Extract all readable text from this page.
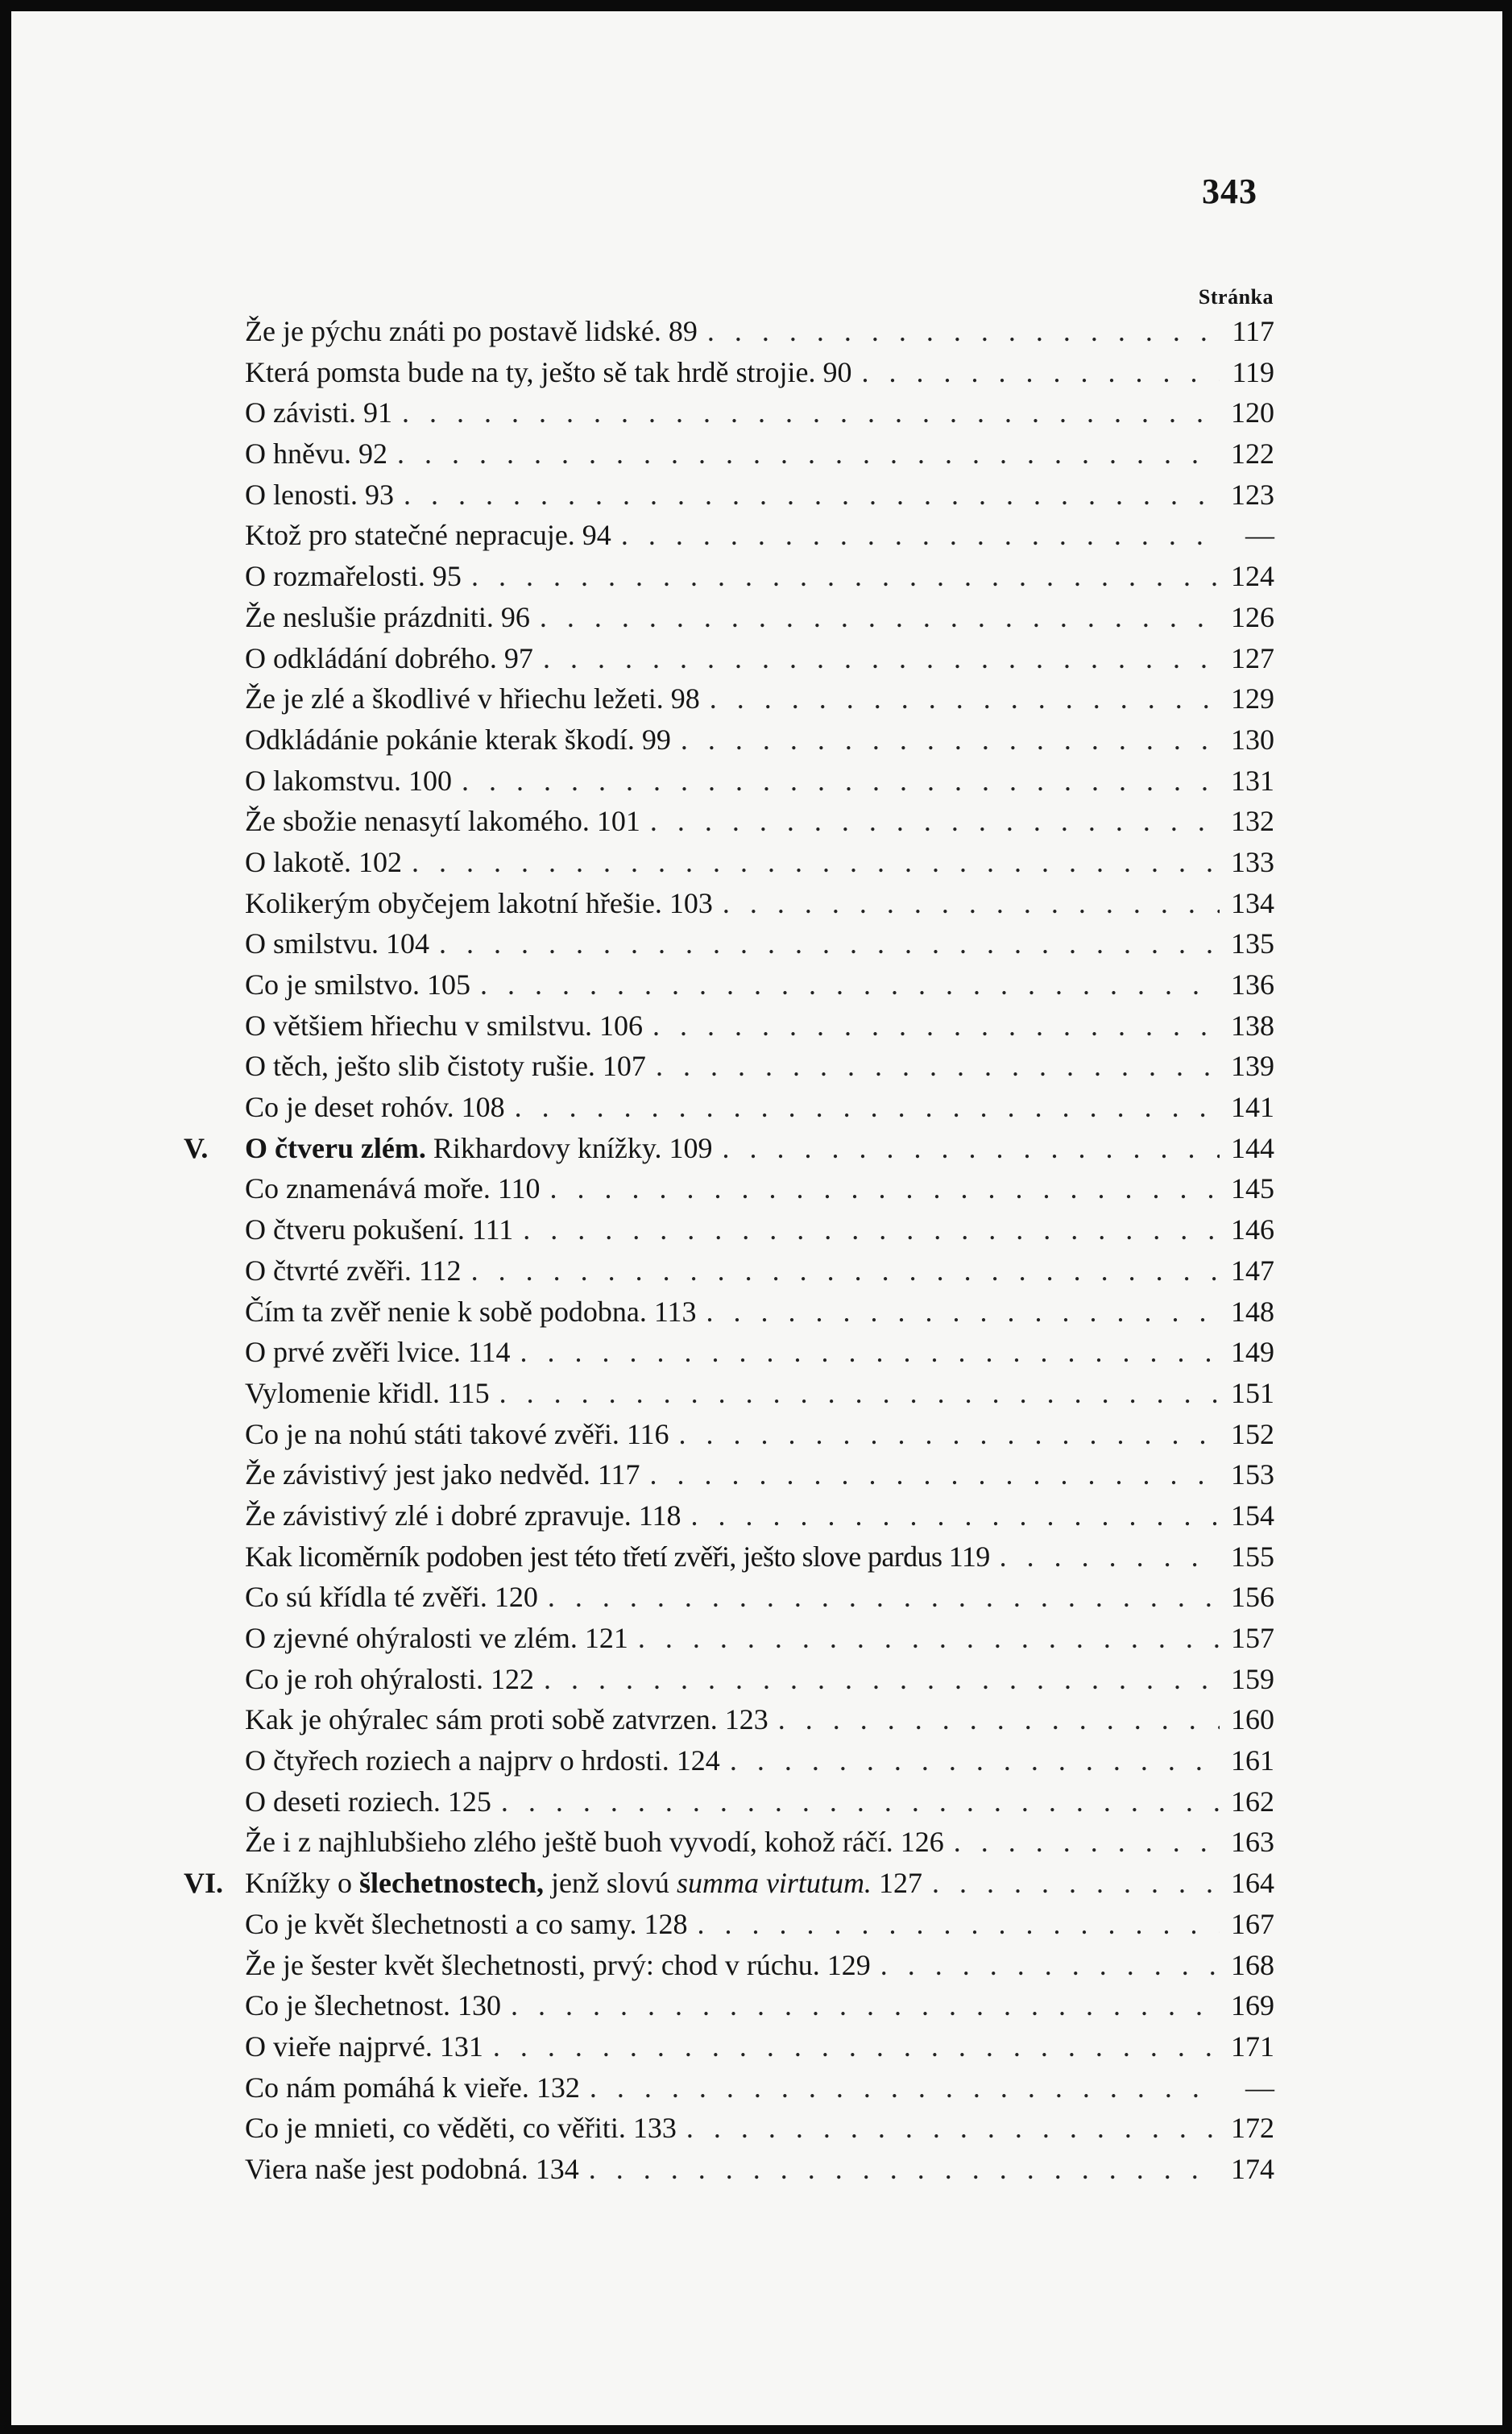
343
Stránka
Že je pýchu znáti po postavě lidské. 89 . . .	117
Která pomsta bude na ty, ješto sě tak hrdě strojie. 90 . . .	119
O závisti. 91 . . .	120
O hněvu. 92 . . .	122
O lenosti. 93 . . .	123
Ktož pro statečné nepracuje. 94 . . .	—
O rozmařelosti. 95 . . .	124
Že neslušie prázdniti. 96 . . .	126
O odkládání dobrého. 97 . . .	127
Že je zlé a škodlivé v hřiechu ležeti. 98 . . .	129
Odkládánie pokánie kterak škodí. 99 . . .	130
O lakomstvu. 100 . . .	131
Že sbožie nenasytí lakomého. 101 . . .	132
O lakotě. 102 . . .	133
Kolikerým obyčejem lakotní hřešie. 103 . . .	134
O smilstvu. 104 . . .	135
Co je smilstvo. 105 . . .	136
O většiem hřiechu v smilstvu. 106 . . .	138
O těch, ješto slib čistoty rušie. 107 . . .	139
Co je deset rohóv. 108 . . .	141
V. O čtveru zlém. Rikhardovy knížky. 109 . . .	144
Co znamenává moře. 110 . . .	145
O čtveru pokušení. 111 . . .	146
O čtvrté zvěři. 112 . . .	147
Čím ta zvěř nenie k sobě podobna. 113 . . .	148
O prvé zvěři lvice. 114 . . .	149
Vylomenie křidl. 115 . . .	151
Co je na nohú státi takové zvěři. 116 . . .	152
Že závistivý jest jako nedvěd. 117 . . .	153
Že závistivý zlé i dobré zpravuje. 118 . . .	154
Kak licoměrník podoben jest této třetí zvěři, ješto slove pardus 119 . . .	155
Co sú křídla té zvěři. 120 . . .	156
O zjevné ohýralosti ve zlém. 121 . . .	157
Co je roh ohýralosti. 122 . . .	159
Kak je ohýralec sám proti sobě zatvrzen. 123 . . .	160
O čtyřech roziech a najprv o hrdosti. 124 . . .	161
O deseti roziech. 125 . . .	162
Že i z najhlubšieho zlého ještě buoh vyvodí, kohož ráčí. 126 . . .	163
VI. Knížky o šlechetnostech, jenž slovú summa virtutum. 127 . . .	164
Co je květ šlechetnosti a co samy. 128 . . .	167
Že je šester květ šlechetnosti, prvý: chod v rúchu. 129 . . .	168
Co je šlechetnost. 130 . . .	169
O vieře najprvé. 131 . . .	171
Co nám pomáhá k vieře. 132 . . .	—
Co je mnieti, co věděti, co věřiti. 133 . . .	172
Viera naše jest podobná. 134 . . .	174
